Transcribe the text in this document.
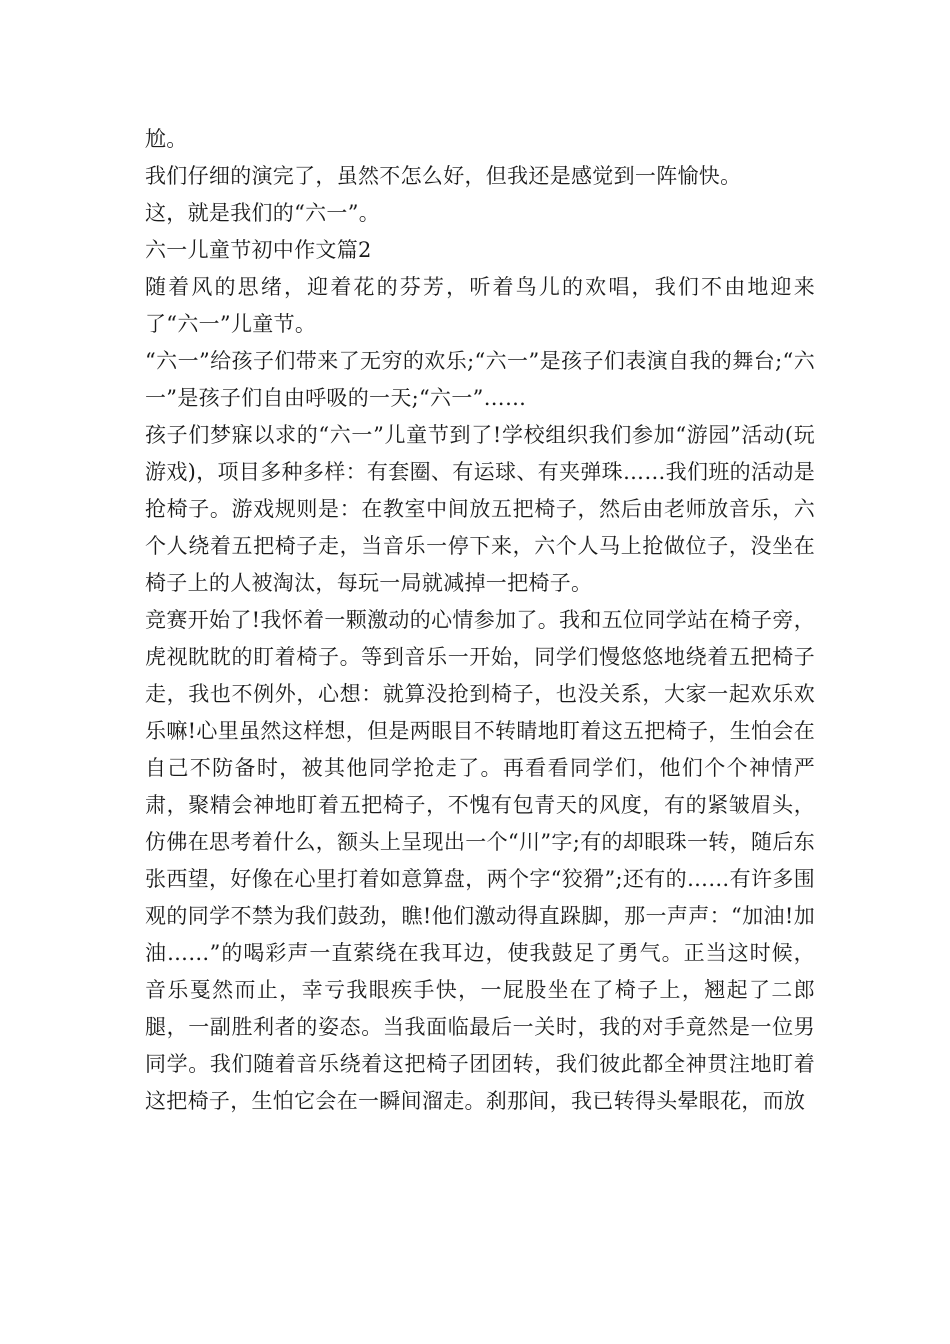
尬。

我们仔细的演完了，虽然不怎么好，但我还是感觉到一阵愉快。

这，就是我们的“六一”。

六一儿童节初中作文篇2

随着风的思绪，迎着花的芬芳，听着鸟儿的欢唱，我们不由地迎来了“六一”儿童节。

“六一”给孩子们带来了无穷的欢乐;“六一”是孩子们表演自我的舞台;“六一”是孩子们自由呼吸的一天;“六一”……

孩子们梦寐以求的“六一”儿童节到了!学校组织我们参加“游园”活动(玩游戏)，项目多种多样：有套圈、有运球、有夹弹珠……我们班的活动是抢椅子。游戏规则是：在教室中间放五把椅子，然后由老师放音乐，六个人绕着五把椅子走，当音乐一停下来，六个人马上抢做位子，没坐在椅子上的人被淘汰，每玩一局就减掉一把椅子。

竞赛开始了!我怀着一颗激动的心情参加了。我和五位同学站在椅子旁，虎视眈眈的盯着椅子。等到音乐一开始，同学们慢悠悠地绕着五把椅子走，我也不例外，心想：就算没抢到椅子，也没关系，大家一起欢乐欢乐嘛!心里虽然这样想，但是两眼目不转睛地盯着这五把椅子，生怕会在自己不防备时，被其他同学抢走了。再看看同学们，他们个个神情严肃，聚精会神地盯着五把椅子，不愧有包青天的风度，有的紧皱眉头，仿佛在思考着什么，额头上呈现出一个“川”字;有的却眼珠一转，随后东张西望，好像在心里打着如意算盘，两个字“狡猾”;还有的……有许多围观的同学不禁为我们鼓劲，瞧!他们激动得直跺脚，那一声声：“加油!加油……”的喝彩声一直萦绕在我耳边，使我鼓足了勇气。正当这时候，音乐戛然而止，幸亏我眼疾手快，一屁股坐在了椅子上，翘起了二郎腿，一副胜利者的姿态。当我面临最后一关时，我的对手竟然是一位男同学。我们随着音乐绕着这把椅子团团转，我们彼此都全神贯注地盯着这把椅子，生怕它会在一瞬间溜走。刹那间，我已转得头晕眼花，而放
